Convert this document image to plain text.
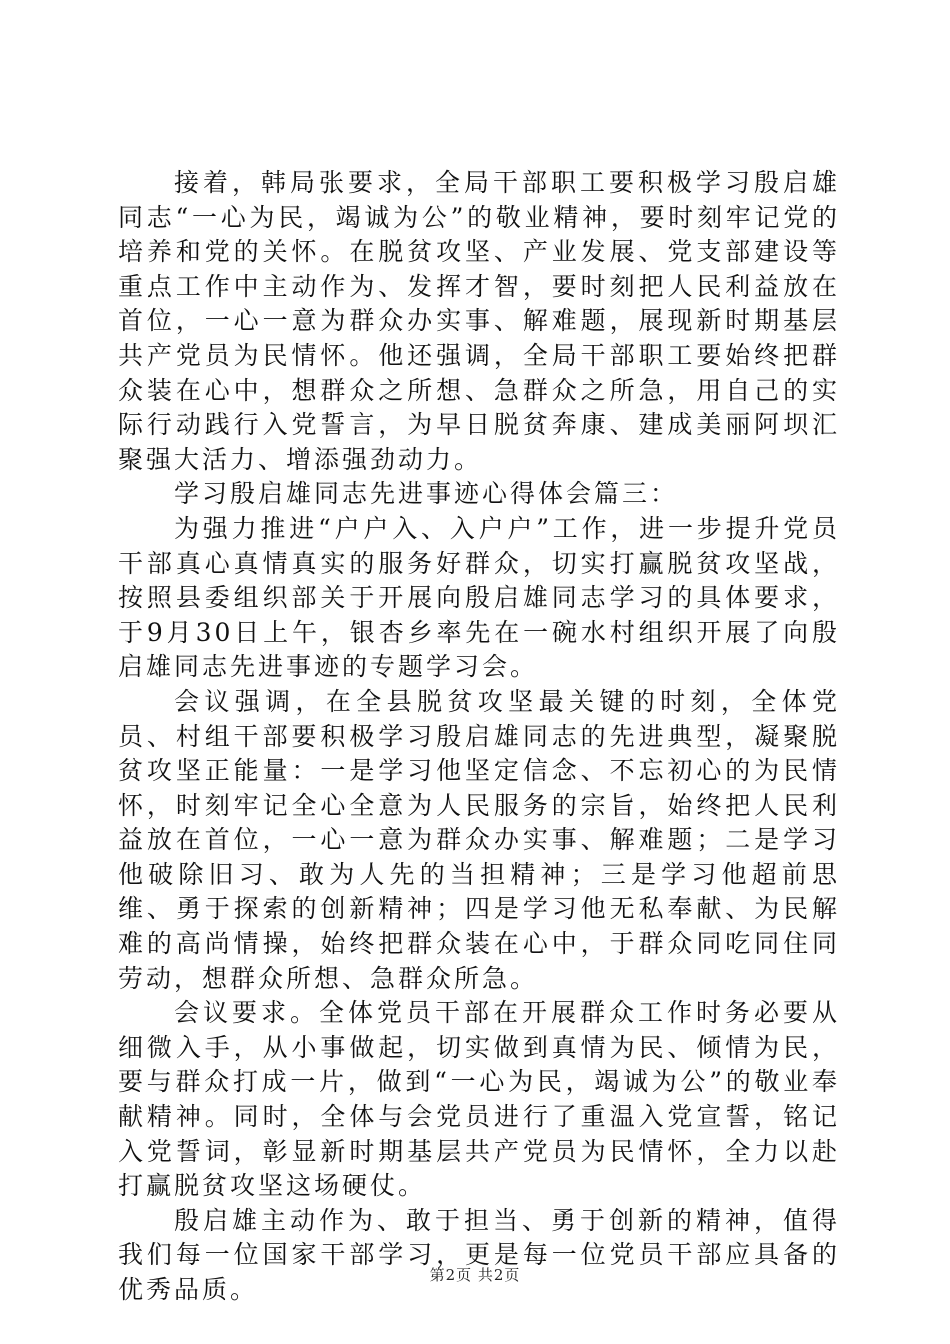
接着，韩局张要求，全局干部职工要积极学习殷启雄同志“一心为民，竭诚为公”的敬业精神，要时刻牢记党的培养和党的关怀。在脱贫攻坚、产业发展、党支部建设等重点工作中主动作为、发挥才智，要时刻把人民利益放在首位，一心一意为群众办实事、解难题，展现新时期基层共产党员为民情怀。他还强调，全局干部职工要始终把群众装在心中，想群众之所想、急群众之所急，用自己的实际行动践行入党誓言，为早日脱贫奔康、建成美丽阿坝汇聚强大活力、增添强劲动力。

学习殷启雄同志先进事迹心得体会篇三：

为强力推进“户户入、入户户”工作，进一步提升党员干部真心真情真实的服务好群众，切实打赢脱贫攻坚战，按照县委组织部关于开展向殷启雄同志学习的具体要求，于9月30日上午，银杏乡率先在一碗水村组织开展了向殷启雄同志先进事迹的专题学习会。

会议强调，在全县脱贫攻坚最关键的时刻，全体党员、村组干部要积极学习殷启雄同志的先进典型，凝聚脱贫攻坚正能量：一是学习他坚定信念、不忘初心的为民情怀，时刻牢记全心全意为人民服务的宗旨，始终把人民利益放在首位，一心一意为群众办实事、解难题；二是学习他破除旧习、敢为人先的当担精神；三是学习他超前思维、勇于探索的创新精神；四是学习他无私奉献、为民解难的高尚情操，始终把群众装在心中，于群众同吃同住同劳动，想群众所想、急群众所急。

会议要求。全体党员干部在开展群众工作时务必要从细微入手，从小事做起，切实做到真情为民、倾情为民，要与群众打成一片，做到“一心为民，竭诚为公”的敬业奉献精神。同时，全体与会党员进行了重温入党宣誓，铭记入党誓词，彰显新时期基层共产党员为民情怀，全力以赴打赢脱贫攻坚这场硬仗。

殷启雄主动作为、敢于担当、勇于创新的精神，值得我们每一位国家干部学习，更是每一位党员干部应具备的优秀品质。	第2页 共2页
